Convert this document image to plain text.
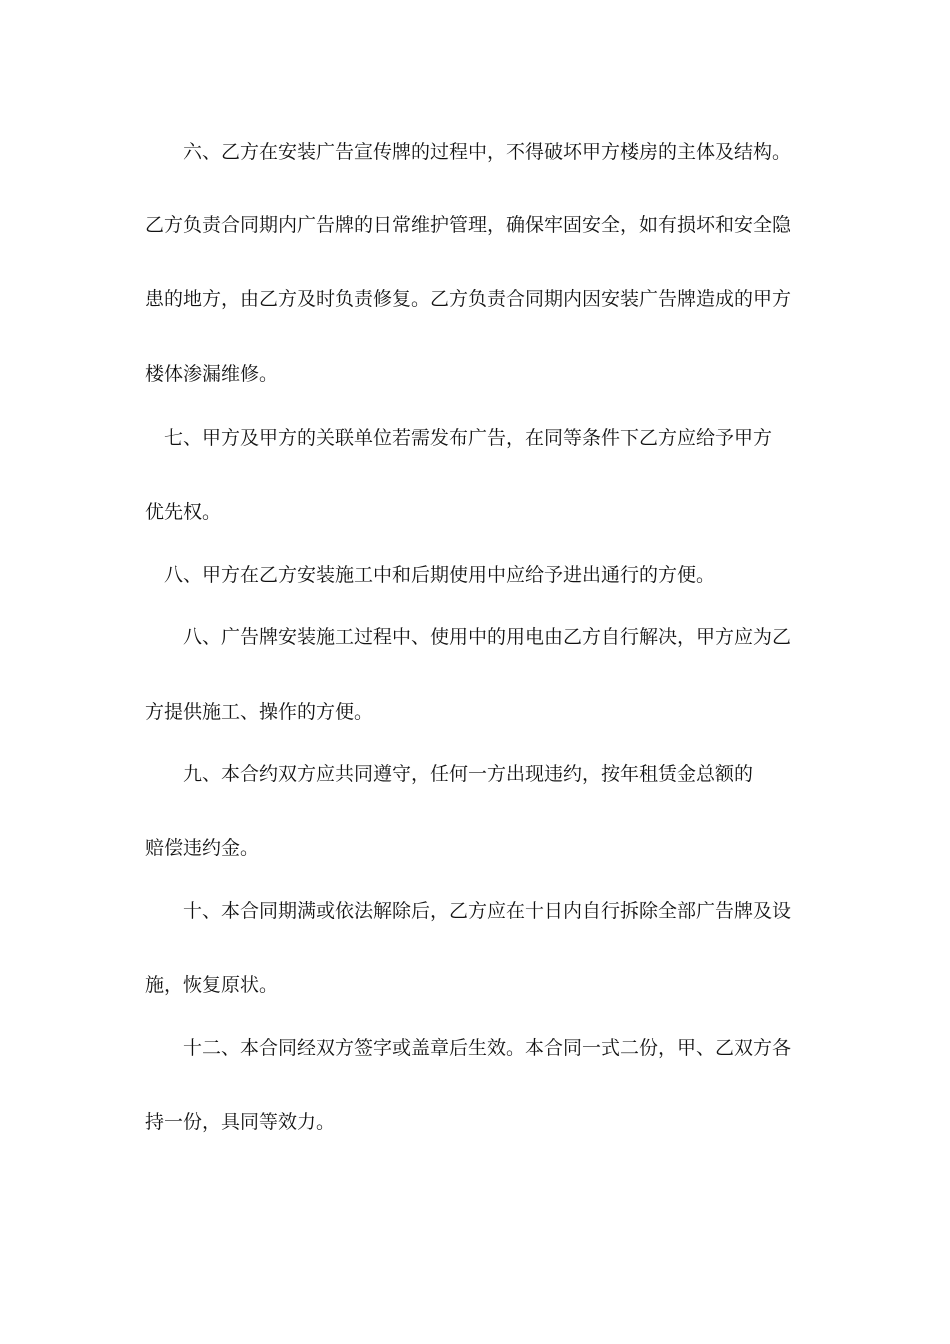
　　六、乙方在安装广告宣传牌的过程中，不得破坏甲方楼房的主体及结构。
乙方负责合同期内广告牌的日常维护管理，确保牢固安全，如有损坏和安全隐
患的地方，由乙方及时负责修复。乙方负责合同期内因安装广告牌造成的甲方
楼体渗漏维修。
　七、甲方及甲方的关联单位若需发布广告，在同等条件下乙方应给予甲方
优先权。
　八、甲方在乙方安装施工中和后期使用中应给予进出通行的方便。
　　八、广告牌安装施工过程中、使用中的用电由乙方自行解决，甲方应为乙
方提供施工、操作的方便。
　　九、本合约双方应共同遵守，任何一方出现违约，按年租赁金总额的
赔偿违约金。
　　十、本合同期满或依法解除后，乙方应在十日内自行拆除全部广告牌及设
施，恢复原状。
　　十二、本合同经双方签字或盖章后生效。本合同一式二份，甲、乙双方各
持一份，具同等效力。
